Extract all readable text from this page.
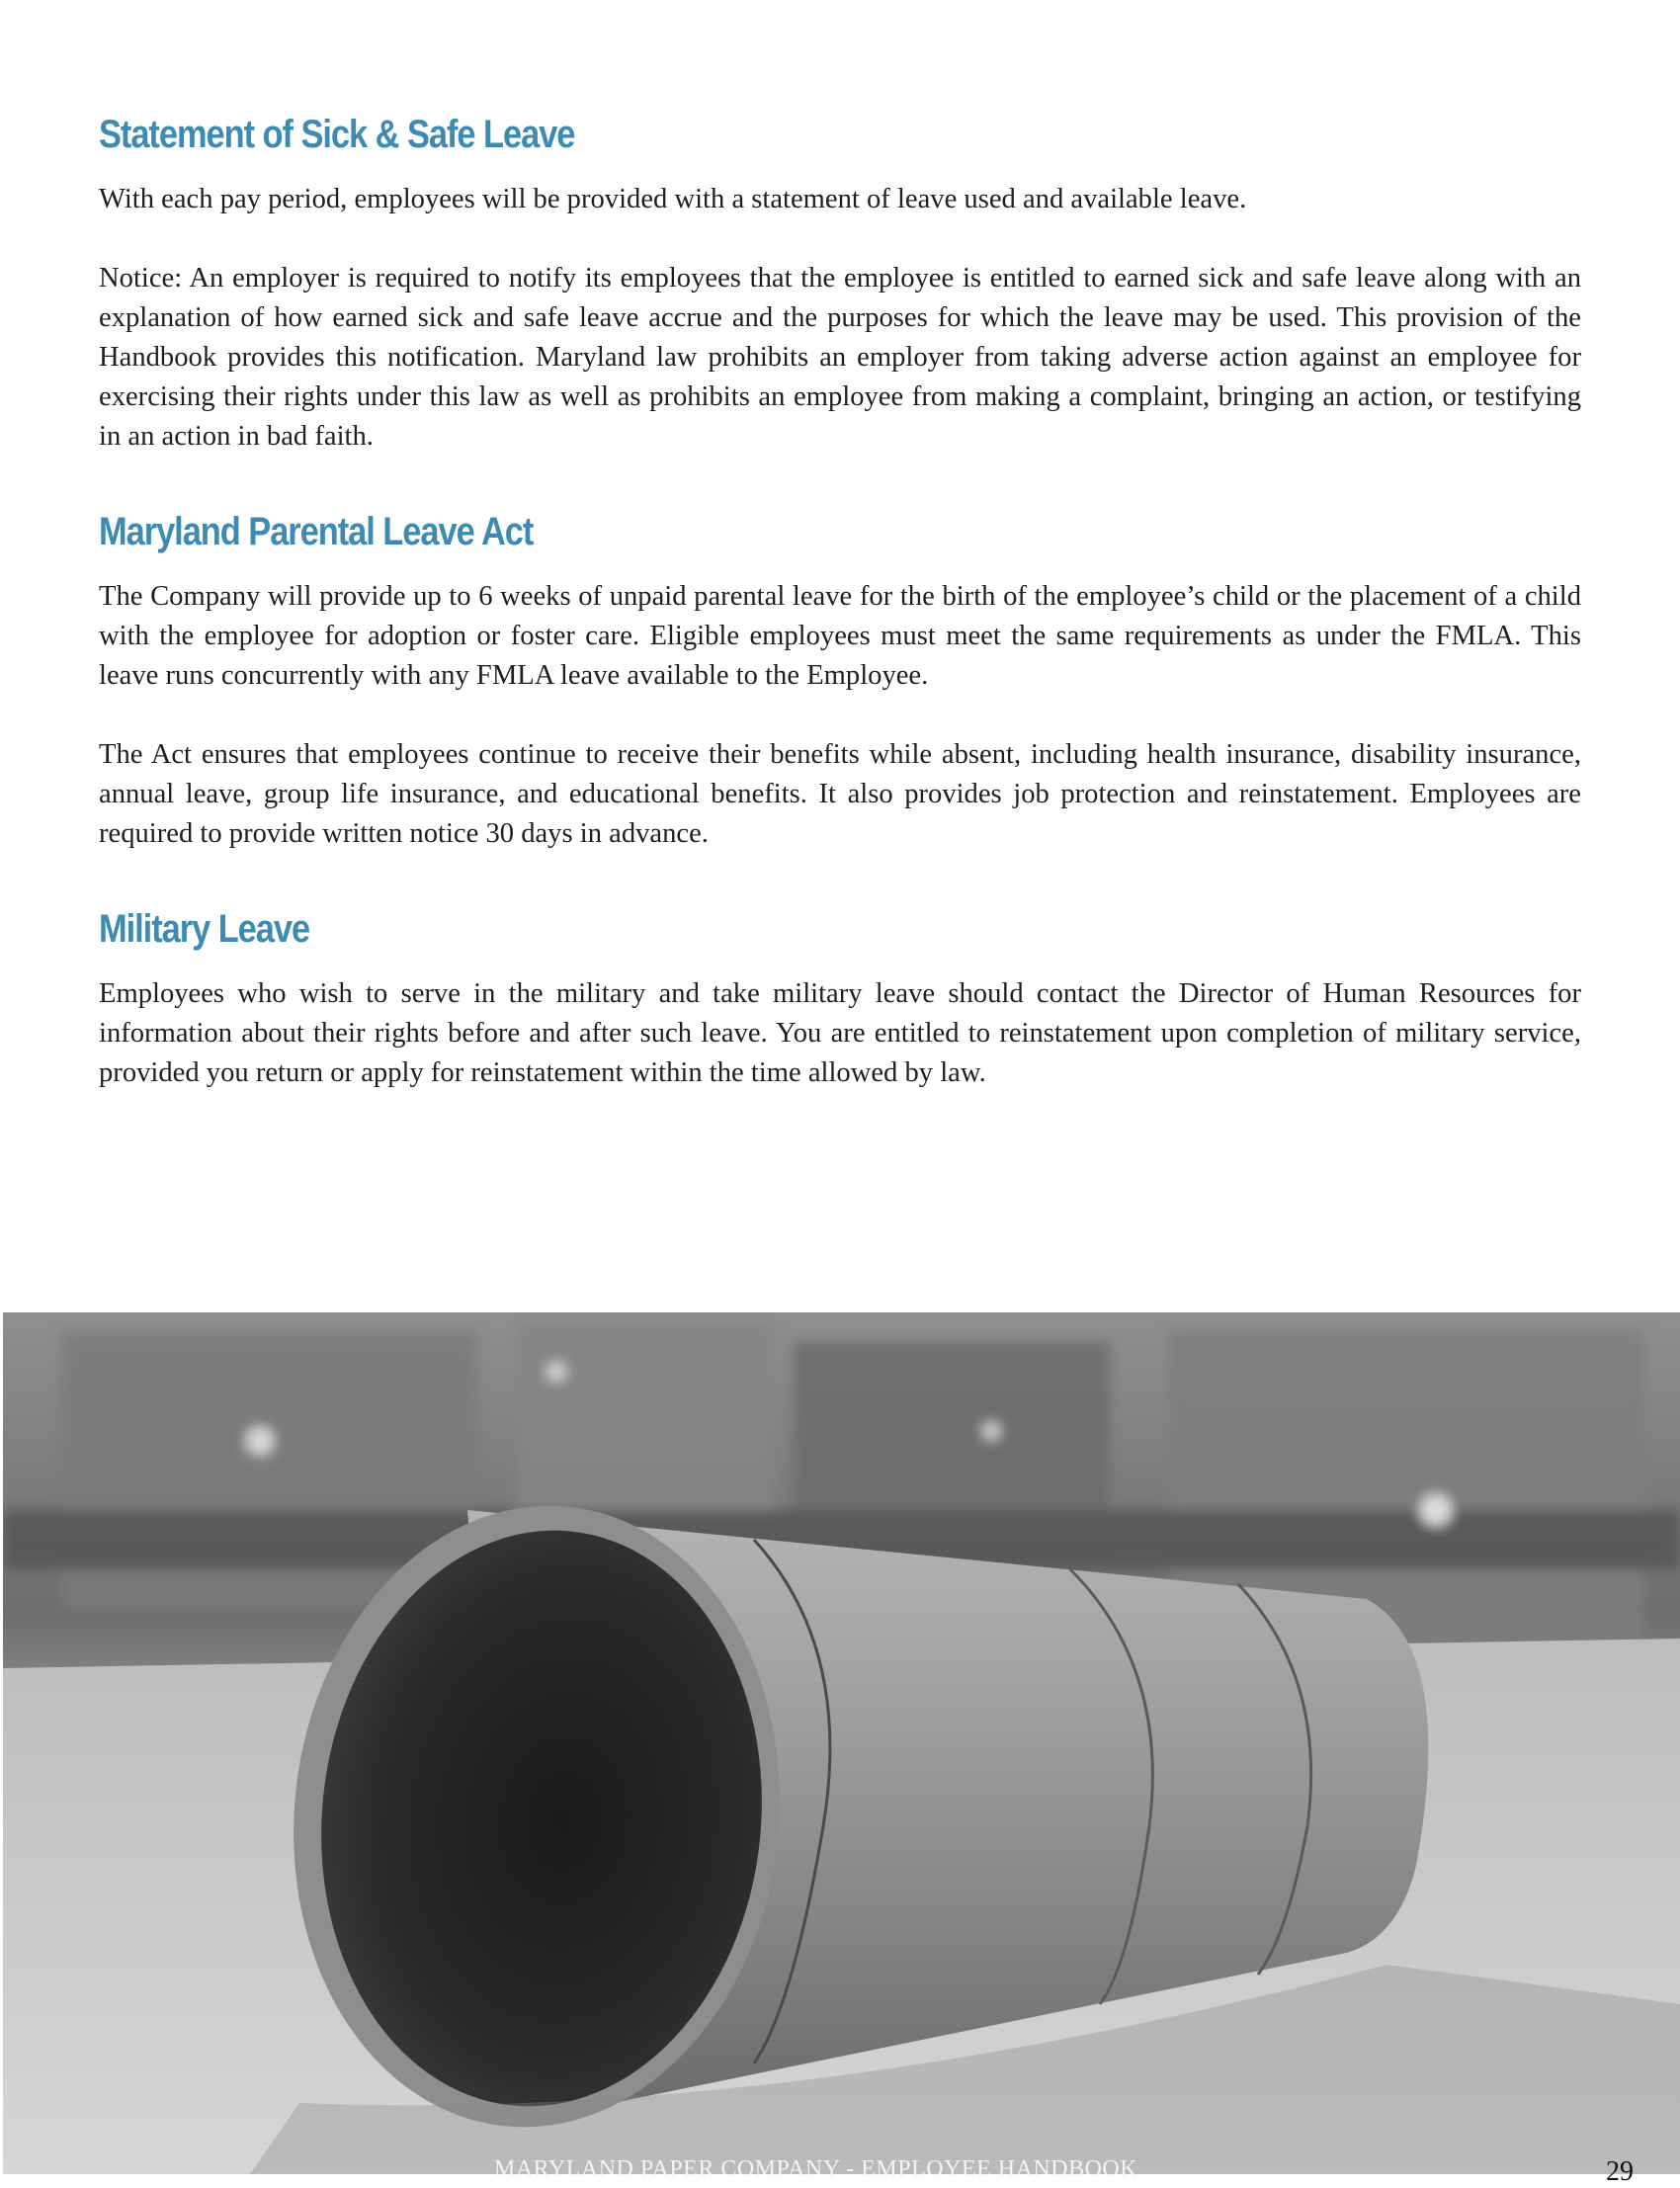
Statement of Sick & Safe Leave

With each pay period, employees will be provided with a statement of leave used and available leave.

Notice: An employer is required to notify its employees that the employee is entitled to earned sick and safe leave along with an explanation of how earned sick and safe leave accrue and the purposes for which the leave may be used. This provision of the Handbook provides this notification. Maryland law prohibits an employer from taking adverse action against an employee for exercising their rights under this law as well as prohibits an employee from making a complaint, bringing an action, or testifying in an action in bad faith.

Maryland Parental Leave Act

The Company will provide up to 6 weeks of unpaid parental leave for the birth of the employee’s child or the placement of a child with the employee for adoption or foster care. Eligible employees must meet the same requirements as under the FMLA. This leave runs concurrently with any FMLA leave available to the Employee.

The Act ensures that employees continue to receive their benefits while absent, including health insurance, disability insurance, annual leave, group life insurance, and educational benefits. It also provides job protection and reinstatement. Employees are required to provide written notice 30 days in advance.

Military Leave

Employees who wish to serve in the military and take military leave should contact the Director of Human Resources for information about their rights before and after such leave. You are entitled to reinstatement upon completion of military service, provided you return or apply for reinstatement within the time allowed by law.

MARYLAND PAPER COMPANY - EMPLOYEE HANDBOOK	29
